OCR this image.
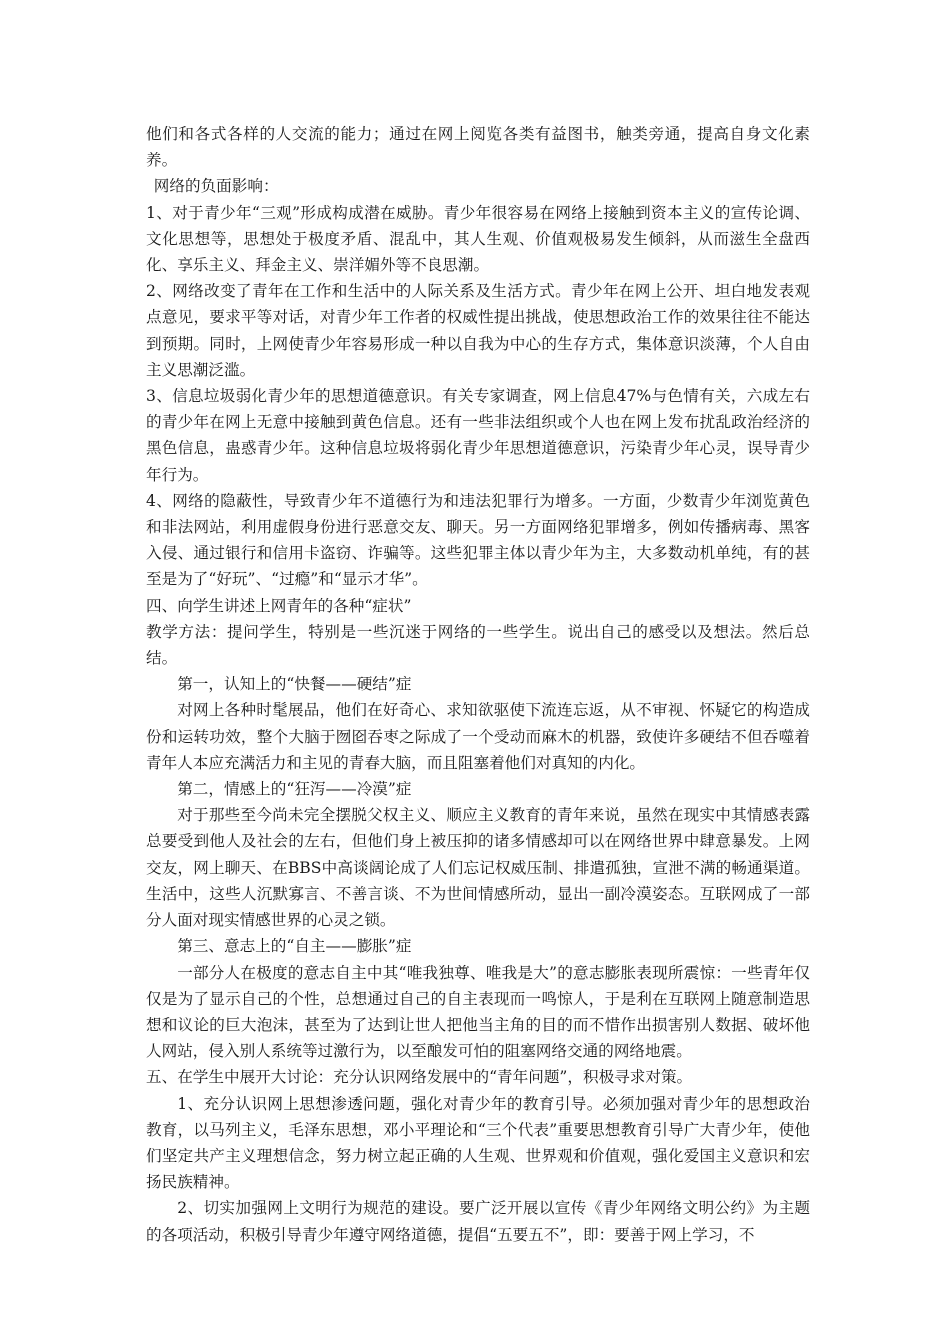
他们和各式各样的人交流的能力；通过在网上阅览各类有益图书，触类旁通，提高自身文化素养。

网络的负面影响：

1、对于青少年“三观”形成构成潜在威胁。青少年很容易在网络上接触到资本主义的宣传论调、文化思想等，思想处于极度矛盾、混乱中，其人生观、价值观极易发生倾斜，从而滋生全盘西化、享乐主义、拜金主义、崇洋媚外等不良思潮。

2、网络改变了青年在工作和生活中的人际关系及生活方式。青少年在网上公开、坦白地发表观点意见，要求平等对话，对青少年工作者的权威性提出挑战，使思想政治工作的效果往往不能达到预期。同时，上网使青少年容易形成一种以自我为中心的生存方式，集体意识淡薄，个人自由主义思潮泛滥。

3、信息垃圾弱化青少年的思想道德意识。有关专家调查，网上信息47%与色情有关，六成左右的青少年在网上无意中接触到黄色信息。还有一些非法组织或个人也在网上发布扰乱政治经济的黑色信息，蛊惑青少年。这种信息垃圾将弱化青少年思想道德意识，污染青少年心灵，误导青少年行为。

4、网络的隐蔽性，导致青少年不道德行为和违法犯罪行为增多。一方面，少数青少年浏览黄色和非法网站，利用虚假身份进行恶意交友、聊天。另一方面网络犯罪增多，例如传播病毒、黑客入侵、通过银行和信用卡盗窃、诈骗等。这些犯罪主体以青少年为主，大多数动机单纯，有的甚至是为了“好玩”、“过瘾”和“显示才华”。

四、向学生讲述上网青年的各种“症状”

教学方法：提问学生，特别是一些沉迷于网络的一些学生。说出自己的感受以及想法。然后总结。

第一，认知上的“快餐——硬结”症

对网上各种时髦展品，他们在好奇心、求知欲驱使下流连忘返，从不审视、怀疑它的构造成份和运转功效，整个大脑于囫囵吞枣之际成了一个受动而麻木的机器，致使许多硬结不但吞噬着青年人本应充满活力和主见的青春大脑，而且阻塞着他们对真知的内化。

第二，情感上的“狂泻——冷漠”症

对于那些至今尚未完全摆脱父权主义、顺应主义教育的青年来说，虽然在现实中其情感表露总要受到他人及社会的左右，但他们身上被压抑的诸多情感却可以在网络世界中肆意暴发。上网交友，网上聊天、在BBS中高谈阔论成了人们忘记权威压制、排遣孤独，宣泄不满的畅通渠道。生活中，这些人沉默寡言、不善言谈、不为世间情感所动，显出一副冷漠姿态。互联网成了一部分人面对现实情感世界的心灵之锁。

第三、意志上的“自主——膨胀”症

一部分人在极度的意志自主中其“唯我独尊、唯我是大”的意志膨胀表现所震惊：一些青年仅仅是为了显示自己的个性，总想通过自己的自主表现而一鸣惊人，于是利在互联网上随意制造思想和议论的巨大泡沫，甚至为了达到让世人把他当主角的目的而不惜作出损害别人数据、破坏他人网站，侵入别人系统等过激行为，以至酿发可怕的阻塞网络交通的网络地震。

五、在学生中展开大讨论：充分认识网络发展中的“青年问题”，积极寻求对策。

1、充分认识网上思想渗透问题，强化对青少年的教育引导。必须加强对青少年的思想政治教育，以马列主义，毛泽东思想，邓小平理论和“三个代表”重要思想教育引导广大青少年，使他们坚定共产主义理想信念，努力树立起正确的人生观、世界观和价值观，强化爱国主义意识和宏扬民族精神。

2、切实加强网上文明行为规范的建设。要广泛开展以宣传《青少年网络文明公约》为主题的各项活动，积极引导青少年遵守网络道德，提倡“五要五不”，即：要善于网上学习，不
